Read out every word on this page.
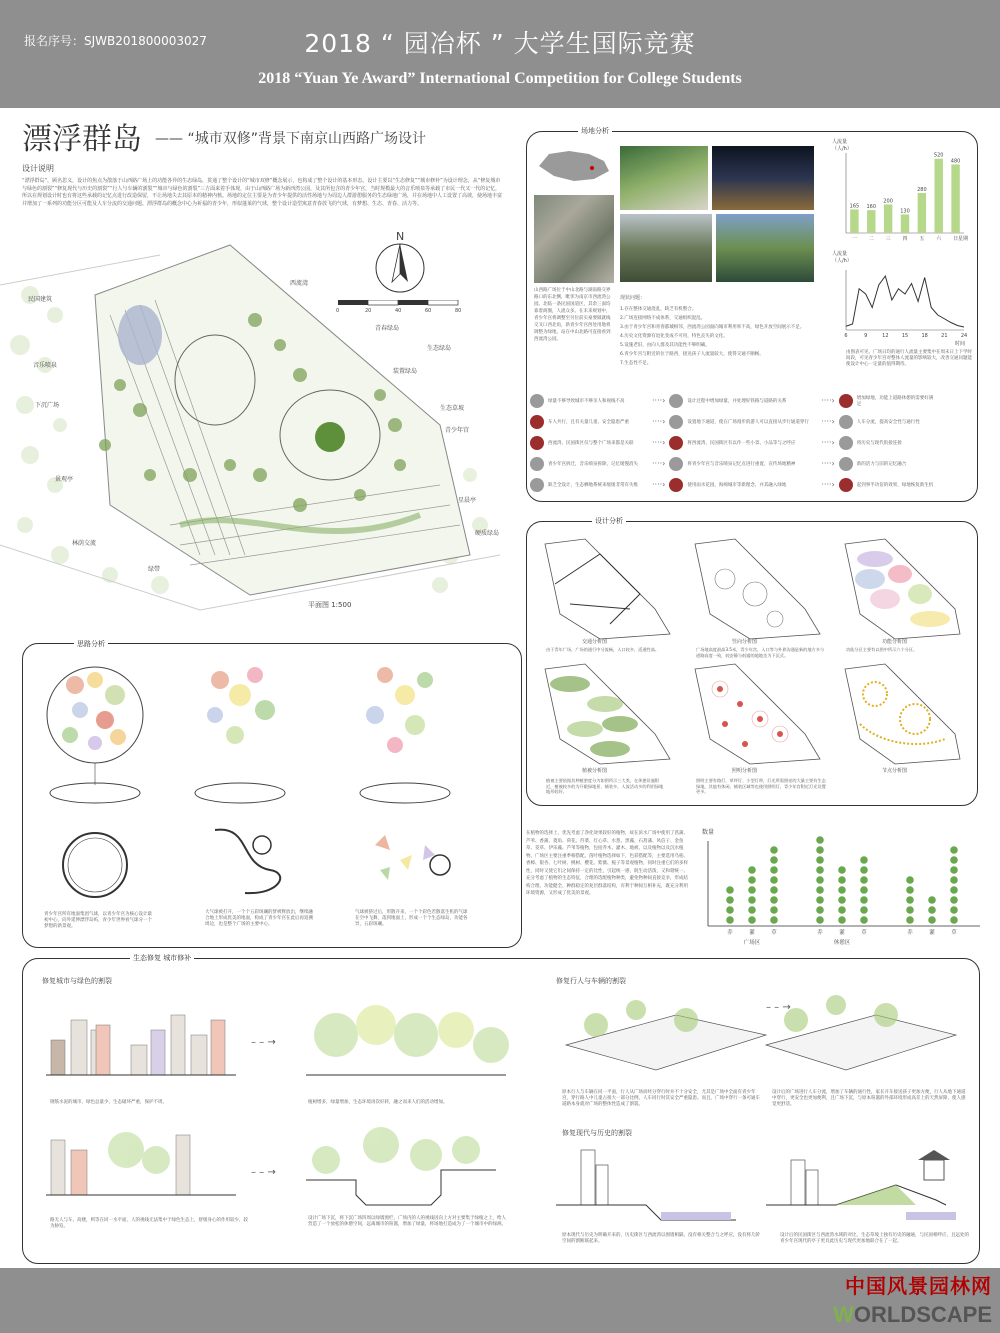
报名序号：SJWB201800003027	2018 “ 园冶杯 ” 大学生国际竞赛
2018 “Yuan Ye Award” International Competition for College Students
漂浮群岛 —— “城市双修”背景下南京山西路广场设计
设计说明
“漂浮群岛”，顾名思义，设计的焦点为散落于山西路广场上的功能各异的生态绿岛，贯通了整个设计的“城市双修”概念展示，也构成了整个设计的基本形态。设计主要以“生态修复”“城市修补”为设计理念，从“修复城市与绿色的割裂”“修复现代与历史的割裂”“行人与车辆的割裂”“城市与绿色的割裂”三方面来着手体现，由于山西路广场为新西湾公园，及其所包含的青少年宫，当时规模最大的音乐喷泉等承载了市民一代又一代的记忆，所以在规划设计时也有将这些承载的记忆点进行改造保留，不让场地失去其原本的精神内核。场地的定位主要是为青少年提供的活性场地与为周边人群游憩服务的生态绿地广场，并在场地中人工设置了高坡，使场地丰富并增加了一系列的功能分区可能及人车分流的交通问题。漂浮群岛的概念中心为祈福的青少年，形似蓬莱的气球，整个设计造型寓意青春放飞的气球，有梦想、生态、青春、活力等。
西流湾
民国建筑
青春绿岛
生态绿岛
音乐喷泉
装置绿岛
下沉广场	生态草坡
青少年宫
景观亭
星晨亭
林荫交流
硬质绿岛
绿带
N
0	20	40	60	80
平面图 1:500
场地分析
165
一
160
二
200
三
130
四
280
五
520
六
480
日
人流量（人/h）
星期
6	9	12	15	18	21	24
人流量（人/h）
时间
由图表可见，广场日均的通行人流量主要集中在周末日上下学时间段，可见青少年宫对整体人流量的影响较大，改善交通问题能使设计中心一定量的值得期待。
山西路广场位于中山北路与湖南路交界路口的东北侧，毗邻为南京市西流湾公园。北临一条民国国道区，其余三面均靠着商圈，人流众多。在未来规划中，青少年宫将调整至另位前实豪要做就线交叉口西北角，新青少年宫西处用地将调整为绿地，站在中山北路可直接看到西流湾公园。
现状问题：
1.存在整体交通混乱，缺乏有机整合。
2.广场连接网络不成体系，交通组织混乱。
3.由于青少年宫和青春都城相邻，西流湾公园面向城市利用率不高，绿色开放空间展示不足。
4.历史文化资源有退化变成不可用，特色丧失的文化。
5.设施老旧，由向人群及其功能性不够明确。
6.青少年宫与附近的位于路西，接送孩子人流量较大，使得交通不顺畅。
7.生态性不足。
绿量不够导致城市不够亲人和视线不高	····›	设计过程中增加绿量，并处理好铁路与道路的关系	····›	增加绿地，功能上道路休憩的需要好满足
车人共行，且有关量儿童，安全隐患严重	····›	设置地下通道，使在广场漫步的游人可以直接从步行通道穿行	····›	人车分流，提高安全性与通行性
西流湾、民国街区仅与整个广场来都是关联	····›	将西流湾、民国街区有以作一些小景、小品等与之呼应	····›	将历史与现代衔接连接
青少年宫拆迁，音乐喷泉拆除，记忆缓慢消失	····›	将青少年宫与音乐喷泉记忆点进行重置，宣传场地精神	····›	新的活力与旧的记忆融合
缺乏全设计，生态栖地系统来缓缓非常有失维	····›	使用雨水花园，海绵城市等新理念，并其融入绿地	····›	起到事半功倍的效果，绿地恢复新生机
思路分析
青少年宫所有地面集团气球，以青少年宫为核心设计最初中心，向外延伸漂浮岛屿，青少年世界看气球分一个梦想的新景观。
大气球被打开，一个个五彩斑斓的梦被释放出，继续融合地上形成优美的地面，构成了青少年宫在此后再追溯周边，也是整个广场的主要中心。
气球被挤过后，形散开来，一个个彩色若散落生机的气球在空中飞舞，落到地面上，形成一个个生态绿岛，功能各异，五彩斑斓。
设计分析
交通分析图	竖向分析图	功能分析图
植被分析图	照明分析图	节点分析图
由于青年广场，广场的通行中分流畅，人口较多，适通性高。	广场地高度最高3.5米，青少年宫，入口等与外界沟通是新的地方多与道路高度一致，较安静与低矮的地地坐为下沉式。
功能分区主要有以图中所示六个分区。
植被主要依据其种植密度分为如图所示三大类，在休憩设施附近，植被较多的为开敞绿地景，铺装多，人流活动多的利用绿地地形较好。
照明主要有路灯、草坪灯、小型灯带，灯光所需照亮的大量主要有生态绿地，其他有休闲，铺装区域等也使用照明灯，青少年宫附近灯光设置更多。
在植物的选择上，优先考虑了净化效果较好的植物，故在滨水广场中使用了菖蒲、芦苇、香蒲、菱角、荷花、荇菜、灯心草、水葱、黑藻、石菖蒲、风信子、金鱼草、茭草、伊乐藻、芦苇等植物，包括乔木、灌木、地被、以及植物以及沉水植物。广场区主要注重季相搭配，茵叶植物选择如下，色彩搭配等，主要选用乌桕、香樟、银杏、七叶树、桃树、樱花、紫薇、栀子等景观植物，同时注重它们的多样性，同时又使它们之间保持一定的比性，引起统一感，既生动活泼，又和谐统一。充分考虑了植物的生态特征，合理的选配植物种类，避免物种间直接竞争，形成结构合理、功能健全、种群稳定的复层群落结构，有利于种间互相补充，既充分利用环境资源，又形成了优美的景观。
数量
乔	灌	草
广场区
乔	灌	草
休憩区
乔	灌	草
生态修复 城市修补
修复城市与绿色的割裂	修复行人与车辆的割裂
修复现代与历史的割裂
– – →
– – →
– – →
钢筋水泥的城市，绿色总量少，生态破坏严重，保护不周。	植树增多，绿量增加，生态环境再次好转，融之而来人们的活动增加。
路无人与车、高楼，则等在同一水平面，人的视线无法集中于绿色生态上，舒缓身心的作用较少，较为胁迫。
设计广场下沉，将下沉广场四周以绿墙围栏，广场内的人的视线因向上方对主要集于绿植之上，给人营造了一个放松的休憩空间，远离城市的喧嚣，增加了绿量，将场地打造成为了一个城市中的绿洲。
原本行人与车辆在同一平面，行人从广场而经分穿行时并不十分安全，尤其是广场中全面有青少年宫，穿行路人中儿童占很大一部分比例，人车同行时其安全严重隐患。而且，广场中穿行一条可通车道路本身就对广场的整体性造成了割裂。
设计后的广场进行人车分流，增加了车辆的通行性，家长开车接送孩子更加方便，行人从地下通道中穿行，更安全也更加便利，且广场下沉，与原本喧嚣的外部环境形成高差上的天然屏障，使人感觉更舒适。
原本现代与历史为明确开来的，历史街区与西流湾以围墙相隔，没有相关整合与之呼应，没有将几阶空间的割断联起来。
设计后的民国街区与西流湾水域的对比，生态草坡上独有历史的融通，与民国相呼应，且远处的青少年宫现代的亭子更具此历史与现代更加地联合在了一起。
中国风景园林网
WORLDSCAPE
